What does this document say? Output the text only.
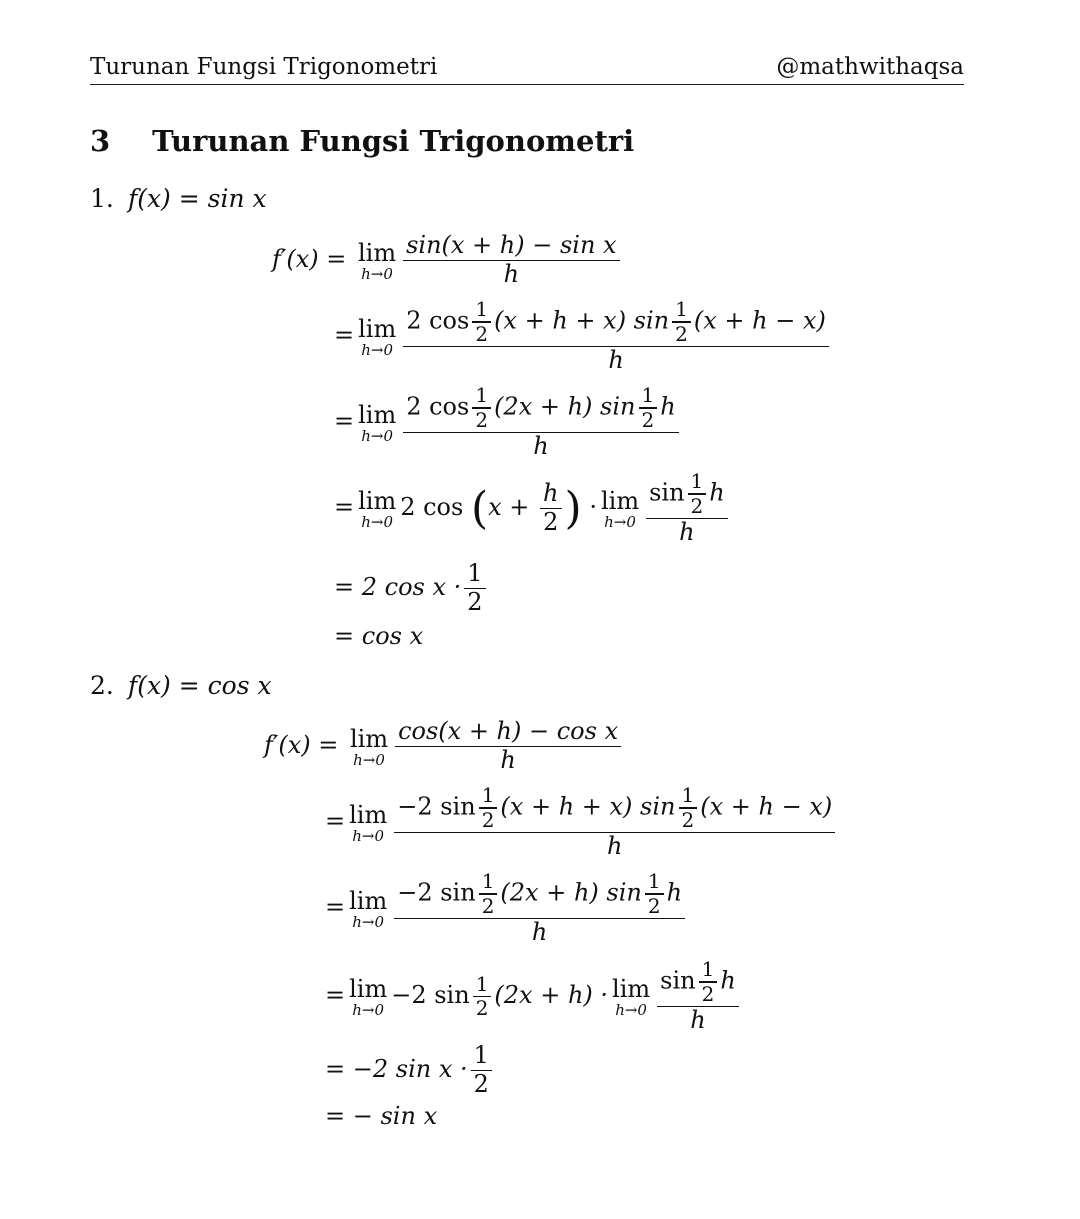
Turunan Fungsi Trigonometri	@mathwithaqsa
3 Turunan Fungsi Trigonometri
1. f(x) = sin x
f′(x) = lim
$h\to 0 \frac{\text{sin(x + h) − sin x}}{h}$
= lim
$h\to 0 \frac{2 \cos \frac{1}{2} (x + h + x) \sin \frac{1}{2} (x + h - x)}{h}$
= lim
$h\to 0 \frac{2 \cos \frac{1}{2} (2x + h) \sin \frac{1}{2} h}{h}$
= lim
h→0
2 $\cos (x + \frac{h}{2}$ ) · lim
$h\to 0 \frac{\sin \frac{1}{2} h}{h}$
= 2 $\cos x \cdot \frac{1}{2}$
= cos x
2. f(x) = cos x
f′(x) = lim
$h\to 0 \frac{\text{cos(x + h) − cos x}}{h}$
= lim
$h\to 0 \frac{-2 \sin \frac{1}{2} (x + h + x) \sin \frac{1}{2} (x + h - x)}{h}$
= lim
$h\to 0 \frac{-2 \sin \frac{1}{2} (2x + h) \sin \frac{1}{2} h}{h}$
= lim
h→0
−2 $\sin \frac{1}{2} (2x + h) \cdot \lim$
$h\to 0 \frac{\sin \frac{1}{2} h}{h}$
= −2 $\sin x \cdot \frac{1}{2}$
= − sin x
